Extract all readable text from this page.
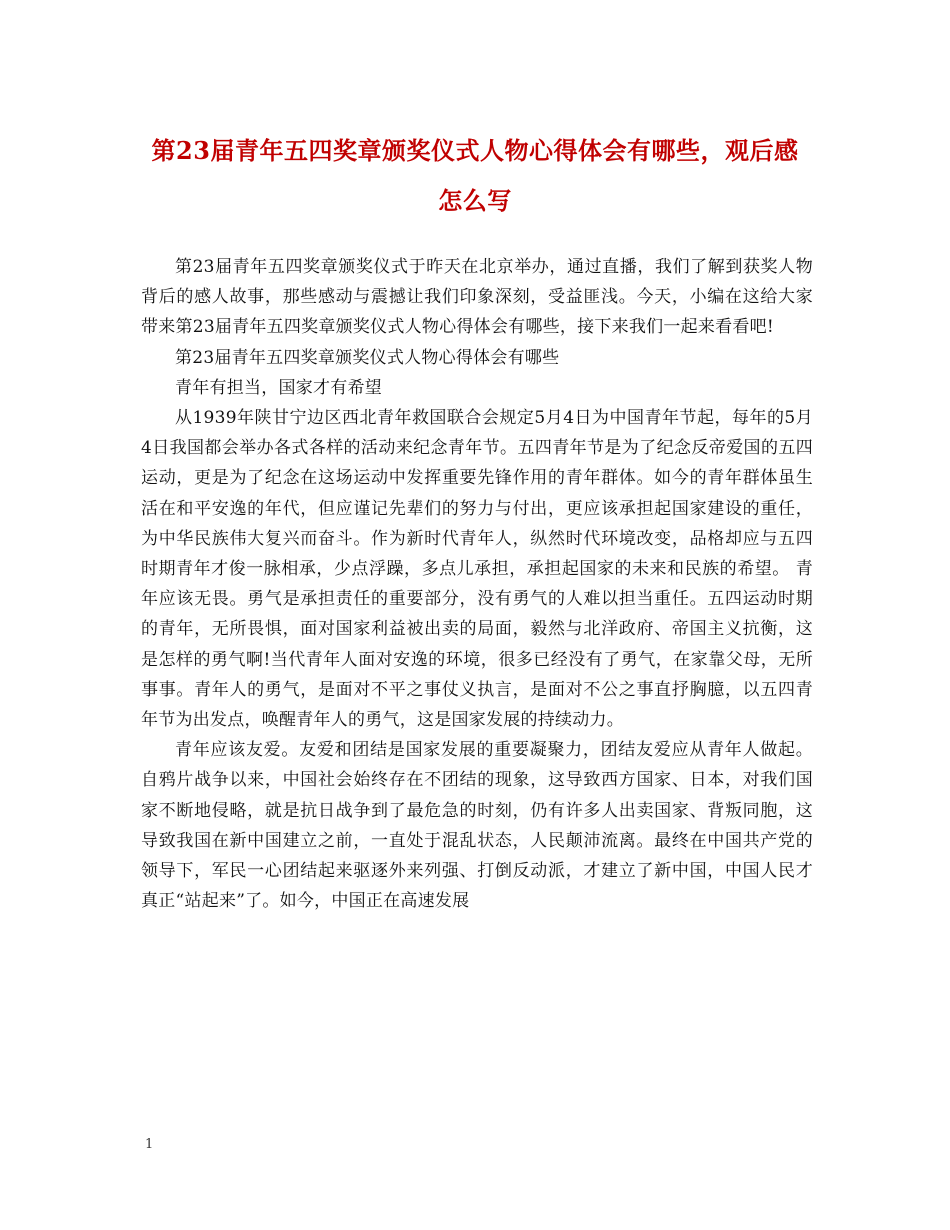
第23届青年五四奖章颁奖仪式人物心得体会有哪些，观后感
怎么写

第23届青年五四奖章颁奖仪式于昨天在北京举办，通过直播，我们了解到获奖人物背后的感人故事，那些感动与震撼让我们印象深刻，受益匪浅。今天，小编在这给大家带来第23届青年五四奖章颁奖仪式人物心得体会有哪些，接下来我们一起来看看吧!

第23届青年五四奖章颁奖仪式人物心得体会有哪些

青年有担当，国家才有希望

从1939年陕甘宁边区西北青年救国联合会规定5月4日为中国青年节起，每年的5月4日我国都会举办各式各样的活动来纪念青年节。五四青年节是为了纪念反帝爱国的五四运动，更是为了纪念在这场运动中发挥重要先锋作用的青年群体。如今的青年群体虽生活在和平安逸的年代，但应谨记先辈们的努力与付出，更应该承担起国家建设的重任，为中华民族伟大复兴而奋斗。作为新时代青年人，纵然时代环境改变，品格却应与五四时期青年才俊一脉相承，少点浮躁，多点儿承担，承担起国家的未来和民族的希望。 青年应该无畏。勇气是承担责任的重要部分，没有勇气的人难以担当重任。五四运动时期的青年，无所畏惧，面对国家利益被出卖的局面，毅然与北洋政府、帝国主义抗衡，这是怎样的勇气啊!当代青年人面对安逸的环境，很多已经没有了勇气，在家靠父母，无所事事。青年人的勇气，是面对不平之事仗义执言，是面对不公之事直抒胸臆，以五四青年节为出发点，唤醒青年人的勇气，这是国家发展的持续动力。

青年应该友爱。友爱和团结是国家发展的重要凝聚力，团结友爱应从青年人做起。自鸦片战争以来，中国社会始终存在不团结的现象，这导致西方国家、日本，对我们国家不断地侵略，就是抗日战争到了最危急的时刻，仍有许多人出卖国家、背叛同胞，这导致我国在新中国建立之前，一直处于混乱状态，人民颠沛流离。最终在中国共产党的领导下，军民一心团结起来驱逐外来列强、打倒反动派，才建立了新中国，中国人民才真正“站起来”了。如今，中国正在高速发展

1
